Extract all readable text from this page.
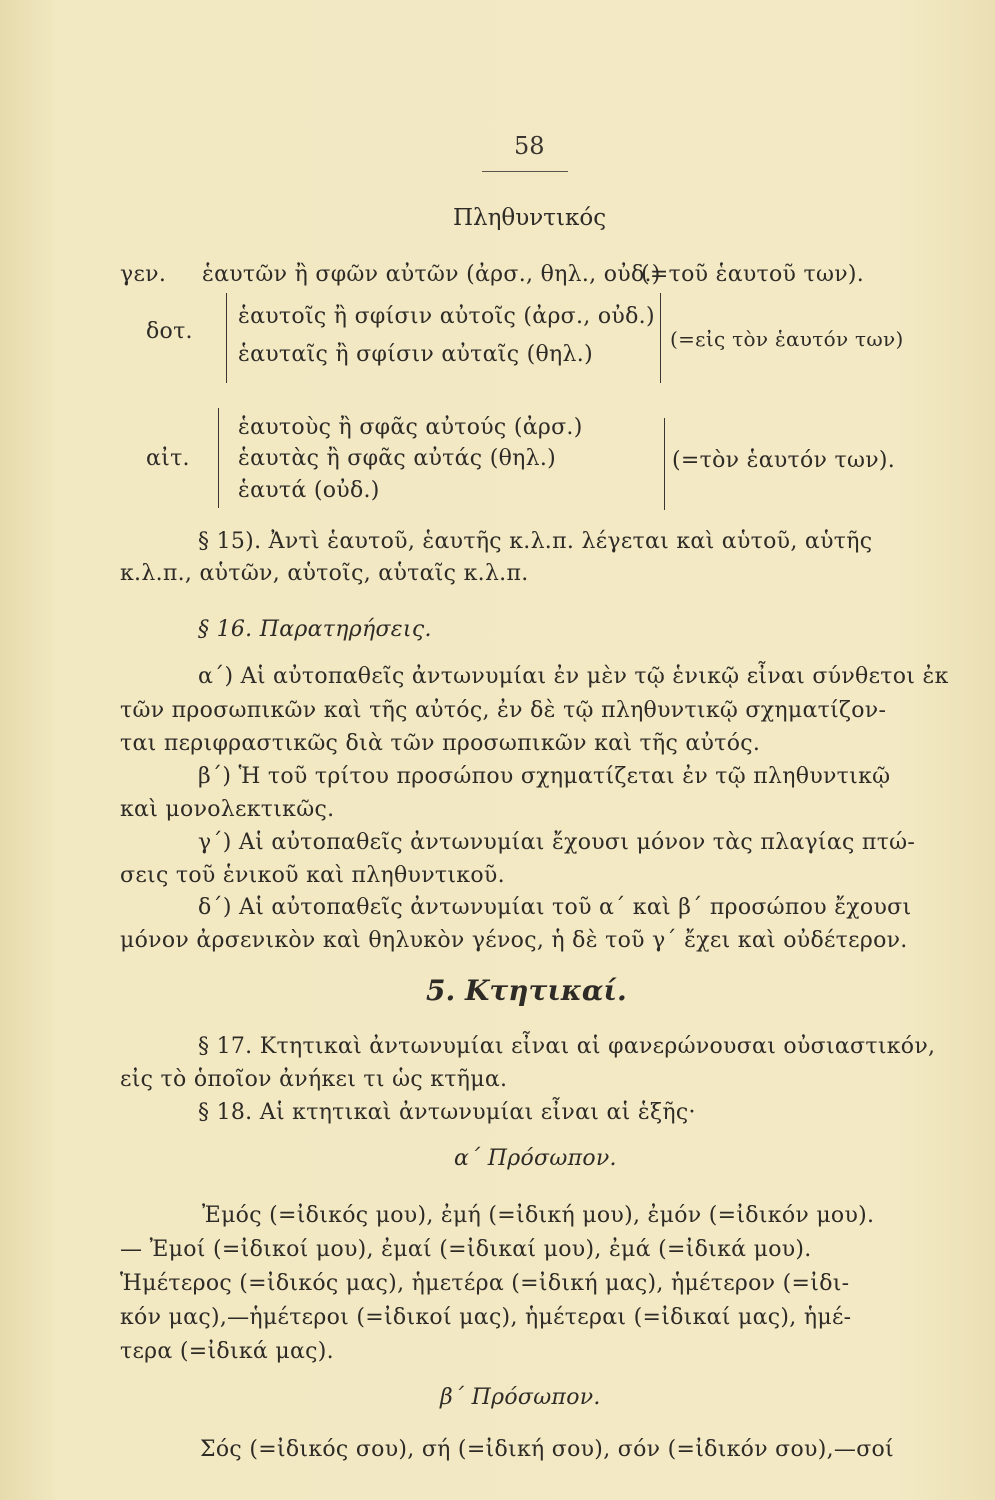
58
Πληθυντικός
γεν. ἑαυτῶν ἢ σφῶν αὐτῶν (ἀρσ., θηλ., οὐδ.)
(=τοῦ ἑαυτοῦ των).
δοτ.
ἑαυτοῖς ἢ σφίσιν αὐτοῖς (ἀρσ., οὐδ.)
ἑαυταῖς ἢ σφίσιν αὐταῖς (θηλ.)
(=εἰς τὸν ἑαυτόν των)
αἰτ.
ἑαυτοὺς ἢ σφᾶς αὐτούς (ἀρσ.)
ἑαυτὰς ἢ σφᾶς αὐτάς (θηλ.)
ἑαυτά (οὐδ.)
(=τὸν ἑαυτόν των).
§ 15). Ἀντὶ ἑαυτοῦ, ἑαυτῆς κ.λ.π. λέγεται καὶ αὑτοῦ, αὑτῆς
κ.λ.π., αὑτῶν, αὑτοῖς, αὑταῖς κ.λ.π.
§ 16. Παρατηρήσεις.
α΄) Αἱ αὐτοπαθεῖς ἀντωνυμίαι ἐν μὲν τῷ ἑνικῷ εἶναι σύνθετοι ἐκ
τῶν προσωπικῶν καὶ τῆς αὐτός, ἐν δὲ τῷ πληθυντικῷ σχηματίζον-
ται περιφραστικῶς διὰ τῶν προσωπικῶν καὶ τῆς αὐτός.
β΄) Ἡ τοῦ τρίτου προσώπου σχηματίζεται ἐν τῷ πληθυντικῷ
καὶ μονολεκτικῶς.
γ΄) Αἱ αὐτοπαθεῖς ἀντωνυμίαι ἔχουσι μόνον τὰς πλαγίας πτώ-
σεις τοῦ ἑνικοῦ καὶ πληθυντικοῦ.
δ΄) Αἱ αὐτοπαθεῖς ἀντωνυμίαι τοῦ α΄ καὶ β΄ προσώπου ἔχουσι
μόνον ἀρσενικὸν καὶ θηλυκὸν γένος, ἡ δὲ τοῦ γ΄ ἔχει καὶ οὐδέτερον.
5. Κτητικαί.
§ 17. Κτητικαὶ ἀντωνυμίαι εἶναι αἱ φανερώνουσαι οὐσιαστικόν,
εἰς τὸ ὁποῖον ἀνήκει τι ὡς κτῆμα.
§ 18. Αἱ κτητικαὶ ἀντωνυμίαι εἶναι αἱ ἑξῆς·
α΄ Πρόσωπον.
Ἐμός (=ἰδικός μου), ἐμή (=ἰδική μου), ἐμόν (=ἰδικόν μου).
— Ἐμοί (=ἰδικοί μου), ἐμαί (=ἰδικαί μου), ἐμά (=ἰδικά μου).
Ἡμέτερος (=ἰδικός μας), ἡμετέρα (=ἰδική μας), ἡμέτερον (=ἰδι-
κόν μας),—ἡμέτεροι (=ἰδικοί μας), ἡμέτεραι (=ἰδικαί μας), ἡμέ-
τερα (=ἰδικά μας).
β΄ Πρόσωπον.
Σός (=ἰδικός σου), σή (=ἰδική σου), σόν (=ἰδικόν σου),—σοί
